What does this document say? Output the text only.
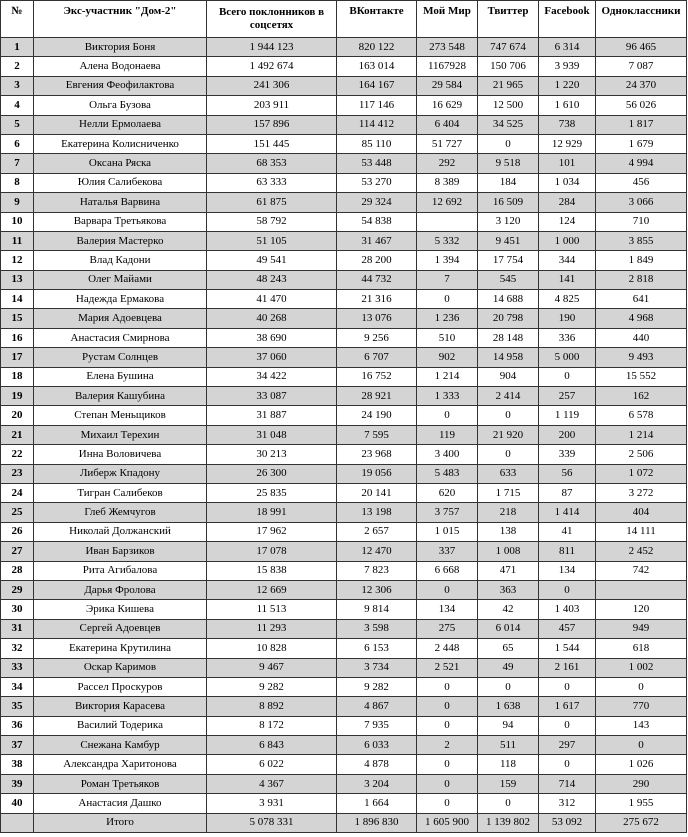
№	Экс-участник "Дом-2"	Всего поклонников в соцсетях	ВКонтакте	Мой Мир	Твиттер	Facebook	Одноклассники
1	Виктория Боня	1 944 123	820 122	273 548	747 674	6 314	96 465
2	Алена Водонаева	1 492 674	163 014	1167928	150 706	3 939	7 087
3	Евгения Феофилактова	241 306	164 167	29 584	21 965	1 220	24 370
4	Ольга Бузова	203 911	117 146	16 629	12 500	1 610	56 026
5	Нелли Ермолаева	157 896	114 412	6 404	34 525	738	1 817
6	Екатерина Колисниченко	151 445	85 110	51 727	0	12 929	1 679
7	Оксана Ряска	68 353	53 448	292	9 518	101	4 994
8	Юлия Салибекова	63 333	53 270	8 389	184	1 034	456
9	Наталья Варвина	61 875	29 324	12 692	16 509	284	3 066
10	Варвара Третьякова	58 792	54 838		3 120	124	710
11	Валерия Мастерко	51 105	31 467	5 332	9 451	1 000	3 855
12	Влад Кадони	49 541	28 200	1 394	17 754	344	1 849
13	Олег Майами	48 243	44 732	7	545	141	2 818
14	Надежда Ермакова	41 470	21 316	0	14 688	4 825	641
15	Мария Адоевцева	40 268	13 076	1 236	20 798	190	4 968
16	Анастасия Смирнова	38 690	9 256	510	28 148	336	440
17	Рустам Солнцев	37 060	6 707	902	14 958	5 000	9 493
18	Елена Бушина	34 422	16 752	1 214	904	0	15 552
19	Валерия Кашубина	33 087	28 921	1 333	2 414	257	162
20	Степан Меньщиков	31 887	24 190	0	0	1 119	6 578
21	Михаил Терехин	31 048	7 595	119	21 920	200	1 214
22	Инна Воловичева	30 213	23 968	3 400	0	339	2 506
23	Либерж Кпадону	26 300	19 056	5 483	633	56	1 072
24	Тигран Салибеков	25 835	20 141	620	1 715	87	3 272
25	Глеб Жемчугов	18 991	13 198	3 757	218	1 414	404
26	Николай Должанский	17 962	2 657	1 015	138	41	14 111
27	Иван Барзиков	17 078	12 470	337	1 008	811	2 452
28	Рита Агибалова	15 838	7 823	6 668	471	134	742
29	Дарья Фролова	12 669	12 306	0	363	0	
30	Эрика Кишева	11 513	9 814	134	42	1 403	120
31	Сергей Адоевцев	11 293	3 598	275	6 014	457	949
32	Екатерина Крутилина	10 828	6 153	2 448	65	1 544	618
33	Оскар Каримов	9 467	3 734	2 521	49	2 161	1 002
34	Рассел Проскуров	9 282	9 282	0	0	0	0
35	Виктория Карасева	8 892	4 867	0	1 638	1 617	770
36	Василий Тодерика	8 172	7 935	0	94	0	143
37	Снежана Камбур	6 843	6 033	2	511	297	0
38	Александра Харитонова	6 022	4 878	0	118	0	1 026
39	Роман Третьяков	4 367	3 204	0	159	714	290
40	Анастасия Дашко	3 931	1 664	0	0	312	1 955
	Итого	5 078 331	1 896 830	1 605 900	1 139 802	53 092	275 672
